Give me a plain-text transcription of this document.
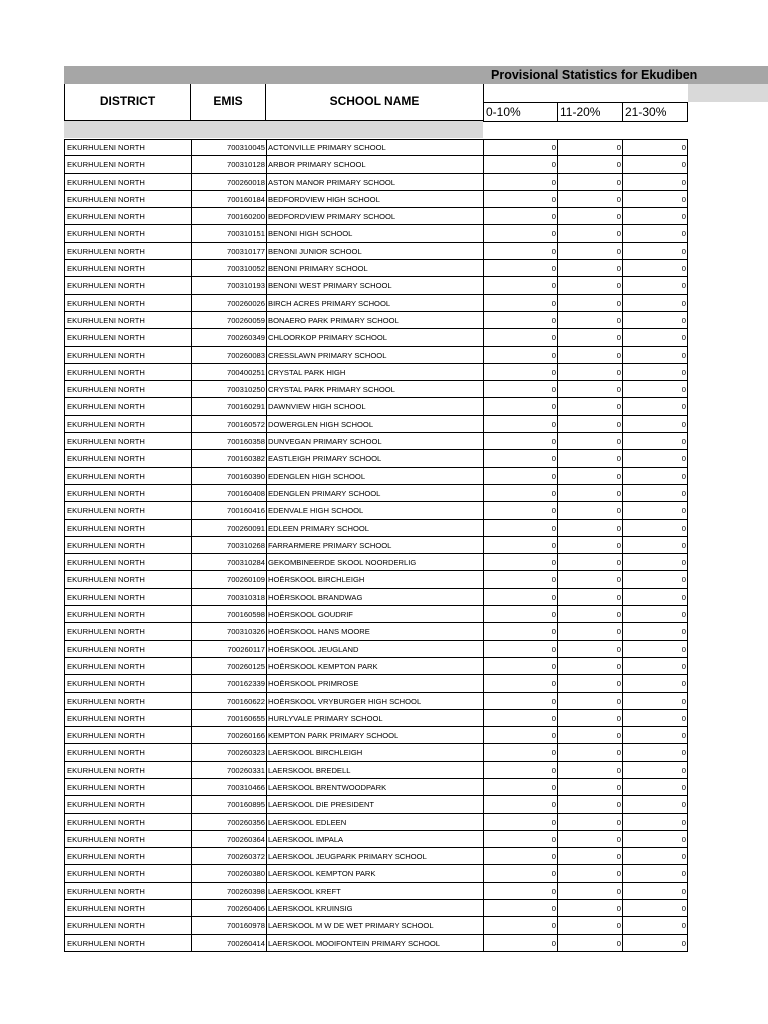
Provisional Statistics for Ekudiben
DISTRICT	EMIS	SCHOOL NAME
0-10%	11-20%	21-30%
EKURHULENI NORTH	700310045 ACTONVILLE PRIMARY SCHOOL	0	0	0
EKURHULENI NORTH	700310128 ARBOR PRIMARY SCHOOL	0	0	0
EKURHULENI NORTH	700260018 ASTON MANOR PRIMARY SCHOOL	0	0	0
EKURHULENI NORTH	700160184 BEDFORDVIEW HIGH SCHOOL	0	0	0
EKURHULENI NORTH	700160200 BEDFORDVIEW PRIMARY SCHOOL	0	0	0
EKURHULENI NORTH	700310151 BENONI HIGH SCHOOL	0	0	0
EKURHULENI NORTH	700310177 BENONI JUNIOR SCHOOL	0	0	0
EKURHULENI NORTH	700310052 BENONI PRIMARY SCHOOL	0	0	0
EKURHULENI NORTH	700310193 BENONI WEST PRIMARY SCHOOL	0	0	0
EKURHULENI NORTH	700260026 BIRCH ACRES PRIMARY SCHOOL	0	0	0
EKURHULENI NORTH	700260059 BONAERO PARK PRIMARY SCHOOL	0	0	0
EKURHULENI NORTH	700260349 CHLOORKOP PRIMARY SCHOOL	0	0	0
EKURHULENI NORTH	700260083 CRESSLAWN PRIMARY SCHOOL	0	0	0
EKURHULENI NORTH	700400251 CRYSTAL PARK HIGH	0	0	0
EKURHULENI NORTH	700310250 CRYSTAL PARK PRIMARY SCHOOL	0	0	0
EKURHULENI NORTH	700160291 DAWNVIEW HIGH SCHOOL	0	0	0
EKURHULENI NORTH	700160572 DOWERGLEN HIGH SCHOOL	0	0	0
EKURHULENI NORTH	700160358 DUNVEGAN PRIMARY SCHOOL	0	0	0
EKURHULENI NORTH	700160382 EASTLEIGH PRIMARY SCHOOL	0	0	0
EKURHULENI NORTH	700160390 EDENGLEN HIGH SCHOOL	0	0	0
EKURHULENI NORTH	700160408 EDENGLEN PRIMARY SCHOOL	0	0	0
EKURHULENI NORTH	700160416 EDENVALE HIGH SCHOOL	0	0	0
EKURHULENI NORTH	700260091 EDLEEN PRIMARY SCHOOL	0	0	0
EKURHULENI NORTH	700310268 FARRARMERE PRIMARY SCHOOL	0	0	0
EKURHULENI NORTH	700310284 GEKOMBINEERDE SKOOL NOORDERLIG	0	0	0
EKURHULENI NORTH	700260109 HOËRSKOOL BIRCHLEIGH	0	0	0
EKURHULENI NORTH	700310318 HOËRSKOOL BRANDWAG	0	0	0
EKURHULENI NORTH	700160598 HOËRSKOOL GOUDRIF	0	0	0
EKURHULENI NORTH	700310326 HOËRSKOOL HANS MOORE	0	0	0
EKURHULENI NORTH	700260117 HOËRSKOOL JEUGLAND	0	0	0
EKURHULENI NORTH	700260125 HOËRSKOOL KEMPTON PARK	0	0	0
EKURHULENI NORTH	700162339 HOËRSKOOL PRIMROSE	0	0	0
EKURHULENI NORTH	700160622 HOËRSKOOL VRYBURGER HIGH SCHOOL	0	0	0
EKURHULENI NORTH	700160655 HURLYVALE PRIMARY SCHOOL	0	0	0
EKURHULENI NORTH	700260166 KEMPTON PARK PRIMARY SCHOOL	0	0	0
EKURHULENI NORTH	700260323 LAERSKOOL BIRCHLEIGH	0	0	0
EKURHULENI NORTH	700260331 LAERSKOOL BREDELL	0	0	0
EKURHULENI NORTH	700310466 LAERSKOOL BRENTWOODPARK	0	0	0
EKURHULENI NORTH	700160895 LAERSKOOL DIE PRESIDENT	0	0	0
EKURHULENI NORTH	700260356 LAERSKOOL EDLEEN	0	0	0
EKURHULENI NORTH	700260364 LAERSKOOL IMPALA	0	0	0
EKURHULENI NORTH	700260372 LAERSKOOL JEUGPARK PRIMARY SCHOOL	0	0	0
EKURHULENI NORTH	700260380 LAERSKOOL KEMPTON PARK	0	0	0
EKURHULENI NORTH	700260398 LAERSKOOL KREFT	0	0	0
EKURHULENI NORTH	700260406 LAERSKOOL KRUINSIG	0	0	0
EKURHULENI NORTH	700160978 LAERSKOOL M W DE WET PRIMARY SCHOOL	0	0	0
EKURHULENI NORTH	700260414 LAERSKOOL MOOIFONTEIN PRIMARY SCHOOL	0	0	0
